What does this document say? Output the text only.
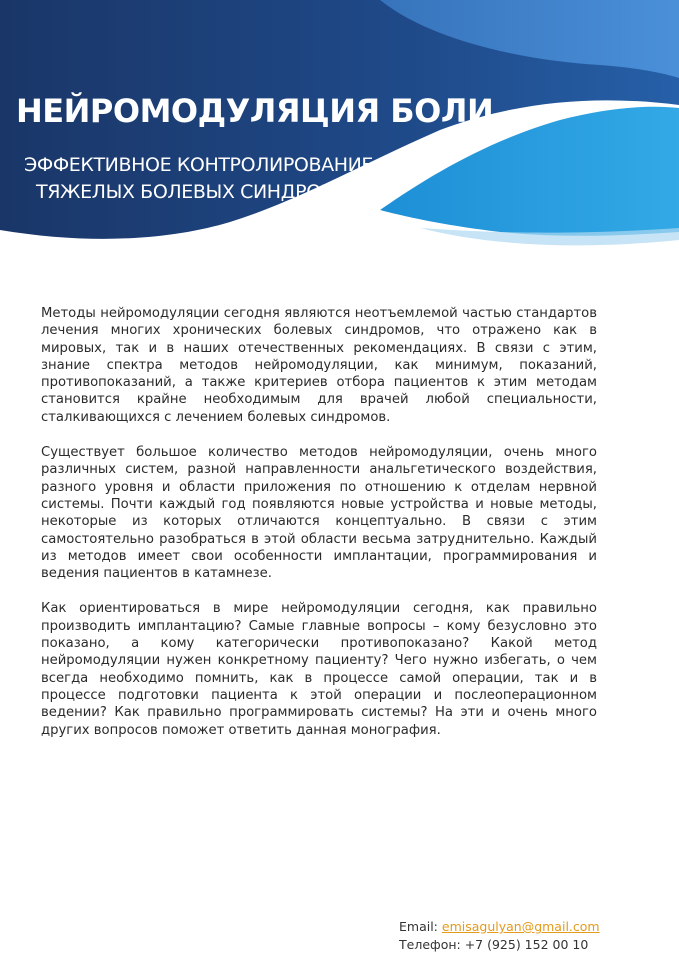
НЕЙРОМОДУЛЯЦИЯ БОЛИ
ЭФФЕКТИВНОЕ КОНТРОЛИРОВАНИЕ
ТЯЖЕЛЫХ БОЛЕВЫХ СИНДРОМОВ

Методы нейромодуляции сегодня являются неотъемлемой частью стандартов лечения многих хронических болевых синдромов, что отражено как в мировых, так и в наших отечественных рекомендациях. В связи с этим, знание спектра методов нейромодуляции, как минимум, показаний, противопоказаний, а также критериев отбора пациентов к этим методам становится крайне необходимым для врачей любой специальности, сталкивающихся с лечением болевых синдромов.

Существует большое количество методов нейромодуляции, очень много различных систем, разной направленности анальгетического воздействия, разного уровня и области приложения по отношению к отделам нервной системы. Почти каждый год появляются новые устройства и новые методы, некоторые из которых отличаются концептуально. В связи с этим самостоятельно разобраться в этой области весьма затруднительно. Каждый из методов имеет свои особенности имплантации, программирования и ведения пациентов в катамнезе.

Как ориентироваться в мире нейромодуляции сегодня, как правильно производить имплантацию? Самые главные вопросы – кому безусловно это показано, а кому категорически противопоказано? Какой метод нейромодуляции нужен конкретному пациенту? Чего нужно избегать, о чем всегда необходимо помнить, как в процессе самой операции, так и в процессе подготовки пациента к этой операции и послеоперационном ведении? Как правильно программировать системы? На эти и очень много других вопросов поможет ответить данная монография.

Email: emisagulyan@gmail.com
Телефон: +7 (925) 152 00 10
